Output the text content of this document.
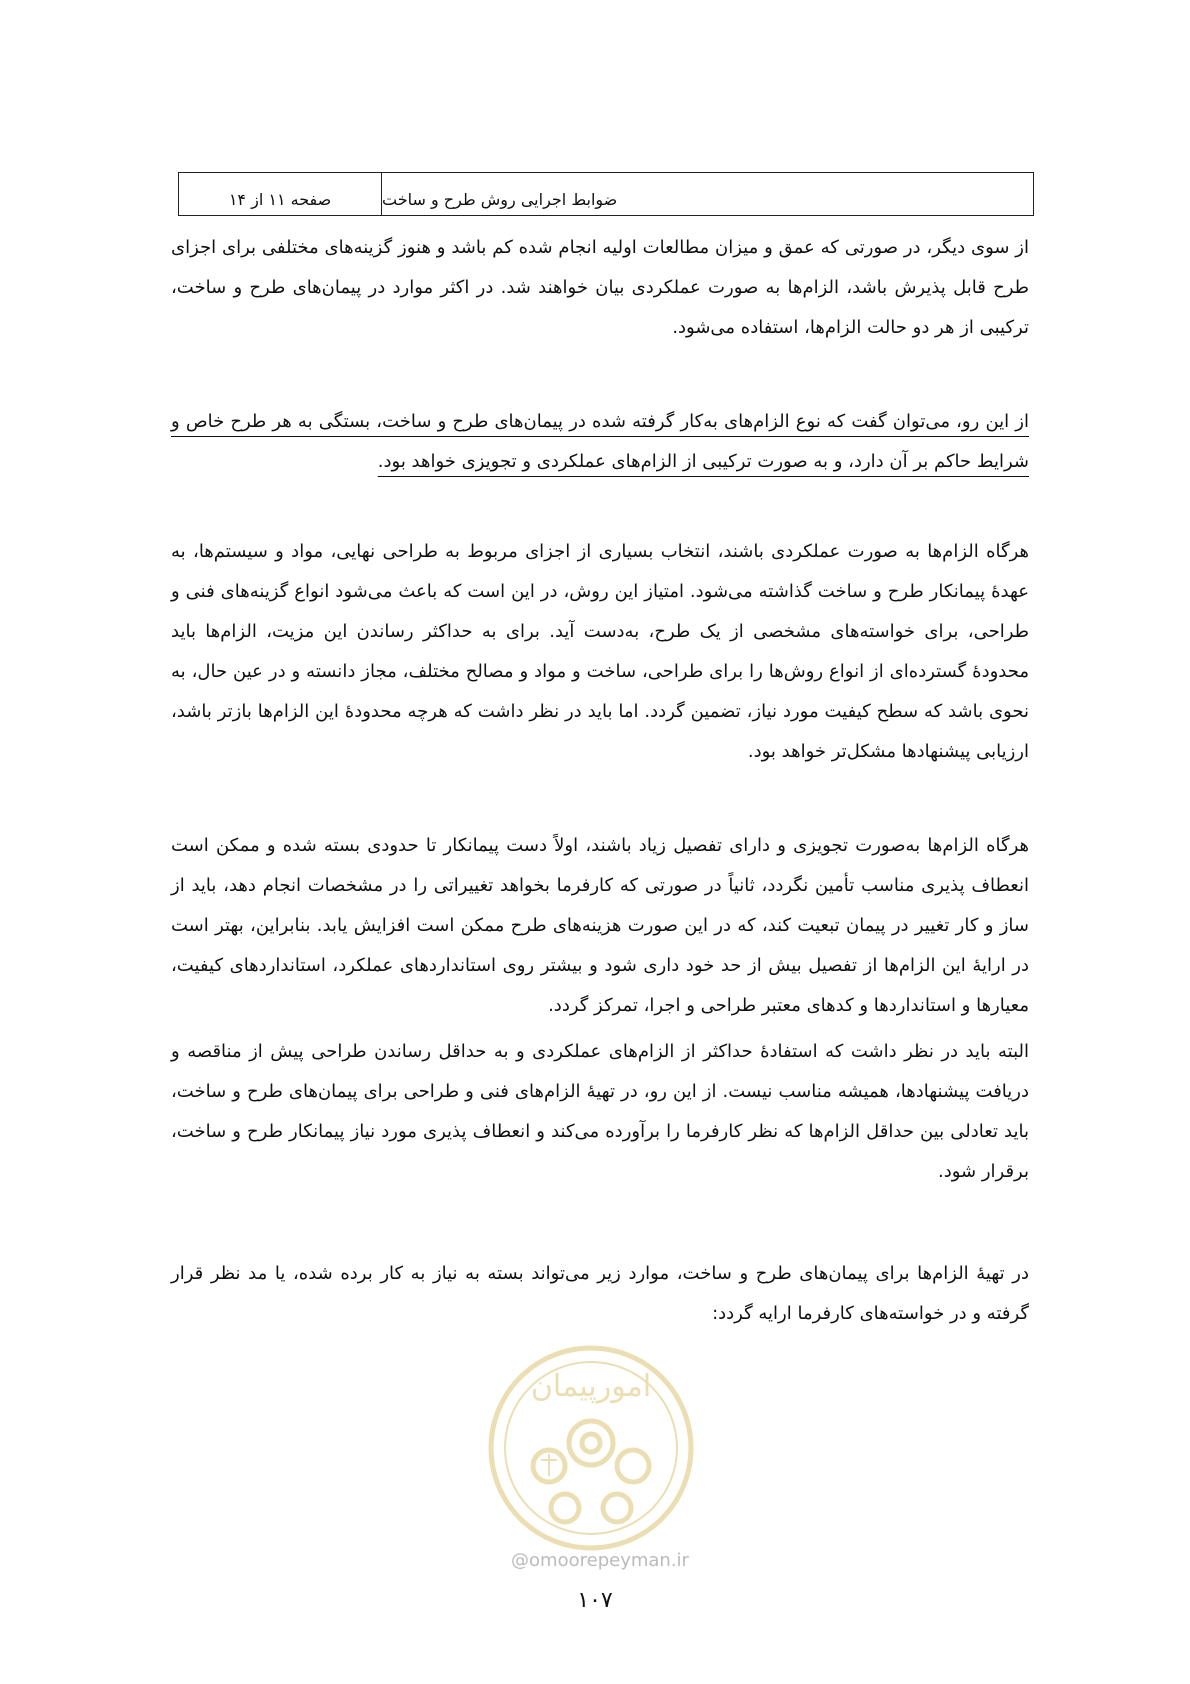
صفحه ۱۱ از ۱۴	ضوابط اجرایی روش طرح و ساخت

از سوی دیگر، در صورتی که عمق و میزان مطالعات اولیه انجام شده کم باشد و هنوز گزینه‌های مختلفی برای اجزای طرح قابل پذیرش باشد، الزام‌ها به صورت عملکردی بیان خواهند شد. در اکثر موارد در پیمان‌های طرح و ساخت، ترکیبی از هر دو حالت الزام‌ها، استفاده می‌شود.

از این رو، می‌توان گفت که نوع الزام‌های به‌کار گرفته شده در پیمان‌های طرح و ساخت، بستگی به هر طرح خاص و شرایط حاکم بر آن دارد، و به صورت ترکیبی از الزام‌های عملکردی و تجویزی خواهد بود.

هرگاه الزام‌ها به صورت عملکردی باشند، انتخاب بسیاری از اجزای مربوط به طراحی نهایی، مواد و سیستم‌ها، به عهدهٔ پیمانکار طرح و ساخت گذاشته می‌شود. امتیاز این روش، در این است که باعث می‌شود انواع گزینه‌های فنی و طراحی، برای خواسته‌های مشخصی از یک طرح، به‌دست آید. برای به حداکثر رساندن این مزیت، الزام‌ها باید محدودهٔ گسترده‌ای از انواع روش‌ها را برای طراحی، ساخت و مواد و مصالح مختلف، مجاز دانسته و در عین حال، به نحوی باشد که سطح کیفیت مورد نیاز، تضمین گردد. اما باید در نظر داشت که هرچه محدودهٔ این الزام‌ها بازتر باشد، ارزیابی پیشنهادها مشکل‌تر خواهد بود.

هرگاه الزام‌ها به‌صورت تجویزی و دارای تفصیل زیاد باشند، اولاً دست پیمانکار تا حدودی بسته شده و ممکن است انعطاف پذیری مناسب تأمین نگردد، ثانیاً در صورتی که کارفرما بخواهد تغییراتی را در مشخصات انجام دهد، باید از ساز و کار تغییر در پیمان تبعیت کند، که در این صورت هزینه‌های طرح ممکن است افزایش یابد. بنابراین، بهتر است در ارایهٔ این الزام‌ها از تفصیل بیش از حد خود داری شود و بیشتر روی استانداردهای عملکرد، استانداردهای کیفیت، معیارها و استانداردها و کدهای معتبر طراحی و اجرا، تمرکز گردد.

البته باید در نظر داشت که استفادهٔ حداکثر از الزام‌های عملکردی و به حداقل رساندن طراحی پیش از مناقصه و دریافت پیشنهادها، همیشه مناسب نیست. از این رو، در تهیهٔ الزام‌های فنی و طراحی برای پیمان‌های طرح و ساخت، باید تعادلی بین حداقل الزام‌ها که نظر کارفرما را برآورده می‌کند و انعطاف پذیری مورد نیاز پیمانکار طرح و ساخت، برقرار شود.

در تهیهٔ الزام‌ها برای پیمان‌های طرح و ساخت، موارد زیر می‌تواند بسته به نیاز به کار برده شده، یا مد نظر قرار گرفته و در خواسته‌های کارفرما ارایه گردد:

امورپیمان
@omoorepeyman.ir
۱۰۷
